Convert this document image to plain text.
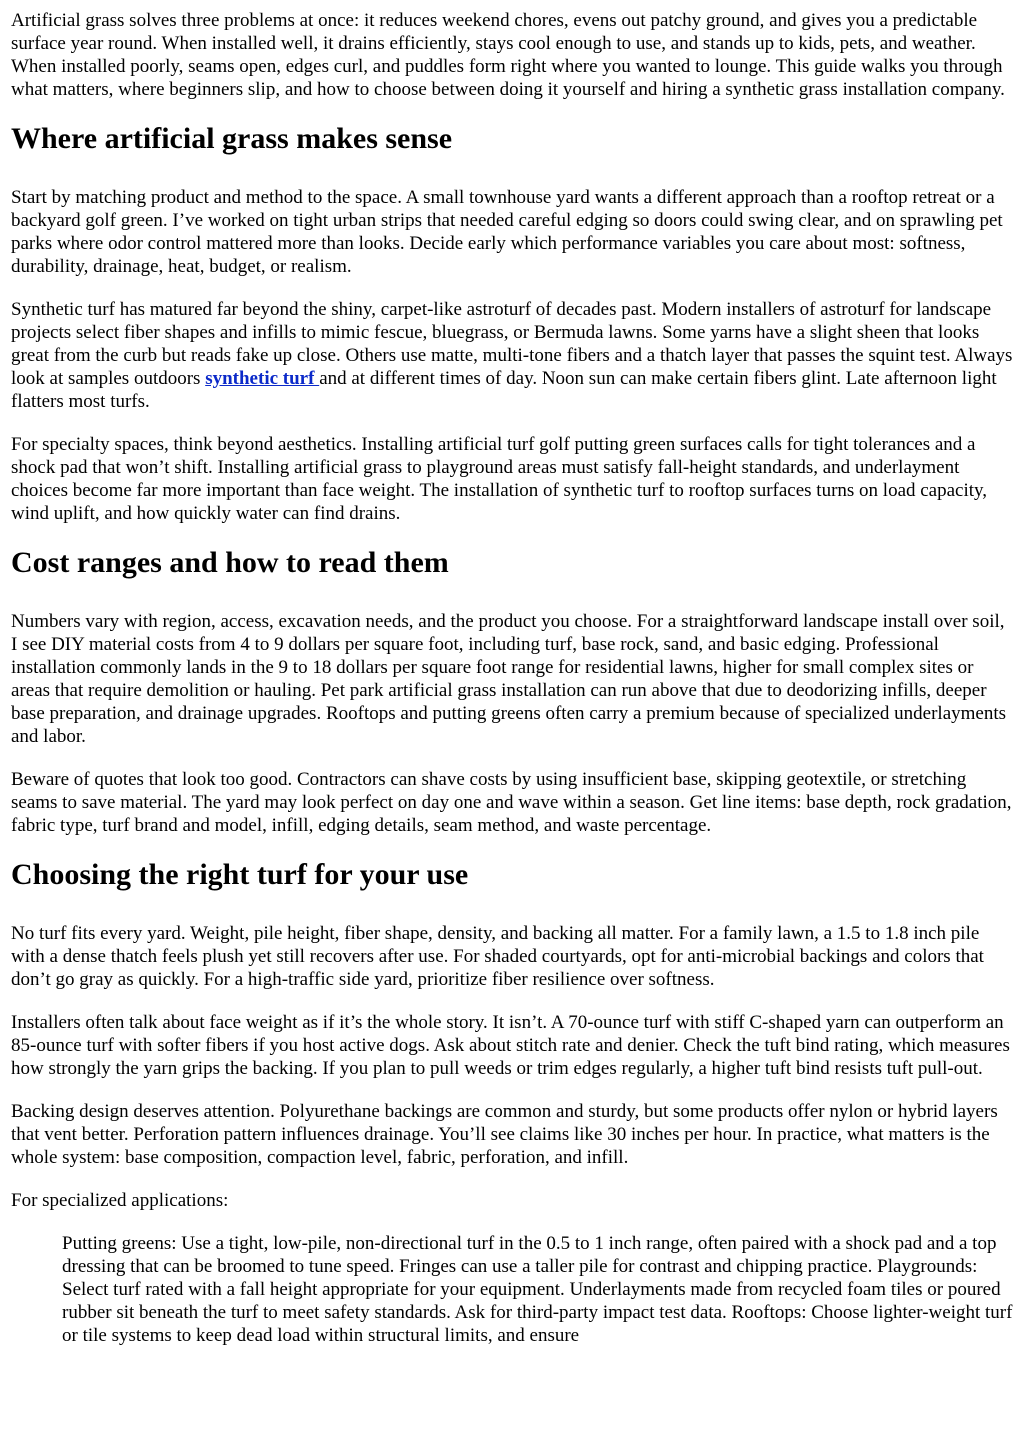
Artificial grass solves three problems at once: it reduces weekend chores, evens out patchy ground, and gives you a predictable surface year round. When installed well, it drains efficiently, stays cool enough to use, and stands up to kids, pets, and weather. When installed poorly, seams open, edges curl, and puddles form right where you wanted to lounge. This guide walks you through what matters, where beginners slip, and how to choose between doing it yourself and hiring a synthetic grass installation company.

Where artificial grass makes sense

Start by matching product and method to the space. A small townhouse yard wants a different approach than a rooftop retreat or a backyard golf green. I’ve worked on tight urban strips that needed careful edging so doors could swing clear, and on sprawling pet parks where odor control mattered more than looks. Decide early which performance variables you care about most: softness, durability, drainage, heat, budget, or realism.

Synthetic turf has matured far beyond the shiny, carpet-like astroturf of decades past. Modern installers of astroturf for landscape projects select fiber shapes and infills to mimic fescue, bluegrass, or Bermuda lawns. Some yarns have a slight sheen that looks great from the curb but reads fake up close. Others use matte, multi-tone fibers and a thatch layer that passes the squint test. Always look at samples outdoors synthetic turf and at different times of day. Noon sun can make certain fibers glint. Late afternoon light flatters most turfs.

For specialty spaces, think beyond aesthetics. Installing artificial turf golf putting green surfaces calls for tight tolerances and a shock pad that won’t shift. Installing artificial grass to playground areas must satisfy fall-height standards, and underlayment choices become far more important than face weight. The installation of synthetic turf to rooftop surfaces turns on load capacity, wind uplift, and how quickly water can find drains.

Cost ranges and how to read them

Numbers vary with region, access, excavation needs, and the product you choose. For a straightforward landscape install over soil, I see DIY material costs from 4 to 9 dollars per square foot, including turf, base rock, sand, and basic edging. Professional installation commonly lands in the 9 to 18 dollars per square foot range for residential lawns, higher for small complex sites or areas that require demolition or hauling. Pet park artificial grass installation can run above that due to deodorizing infills, deeper base preparation, and drainage upgrades. Rooftops and putting greens often carry a premium because of specialized underlayments and labor.

Beware of quotes that look too good. Contractors can shave costs by using insufficient base, skipping geotextile, or stretching seams to save material. The yard may look perfect on day one and wave within a season. Get line items: base depth, rock gradation, fabric type, turf brand and model, infill, edging details, seam method, and waste percentage.

Choosing the right turf for your use

No turf fits every yard. Weight, pile height, fiber shape, density, and backing all matter. For a family lawn, a 1.5 to 1.8 inch pile with a dense thatch feels plush yet still recovers after use. For shaded courtyards, opt for anti-microbial backings and colors that don’t go gray as quickly. For a high-traffic side yard, prioritize fiber resilience over softness.

Installers often talk about face weight as if it’s the whole story. It isn’t. A 70-ounce turf with stiff C-shaped yarn can outperform an 85-ounce turf with softer fibers if you host active dogs. Ask about stitch rate and denier. Check the tuft bind rating, which measures how strongly the yarn grips the backing. If you plan to pull weeds or trim edges regularly, a higher tuft bind resists tuft pull-out.

Backing design deserves attention. Polyurethane backings are common and sturdy, but some products offer nylon or hybrid layers that vent better. Perforation pattern influences drainage. You’ll see claims like 30 inches per hour. In practice, what matters is the whole system: base composition, compaction level, fabric, perforation, and infill.

For specialized applications:

Putting greens: Use a tight, low-pile, non-directional turf in the 0.5 to 1 inch range, often paired with a shock pad and a top dressing that can be broomed to tune speed. Fringes can use a taller pile for contrast and chipping practice. Playgrounds: Select turf rated with a fall height appropriate for your equipment. Underlayments made from recycled foam tiles or poured rubber sit beneath the turf to meet safety standards. Ask for third-party impact test data. Rooftops: Choose lighter-weight turf or tile systems to keep dead load within structural limits, and ensure
